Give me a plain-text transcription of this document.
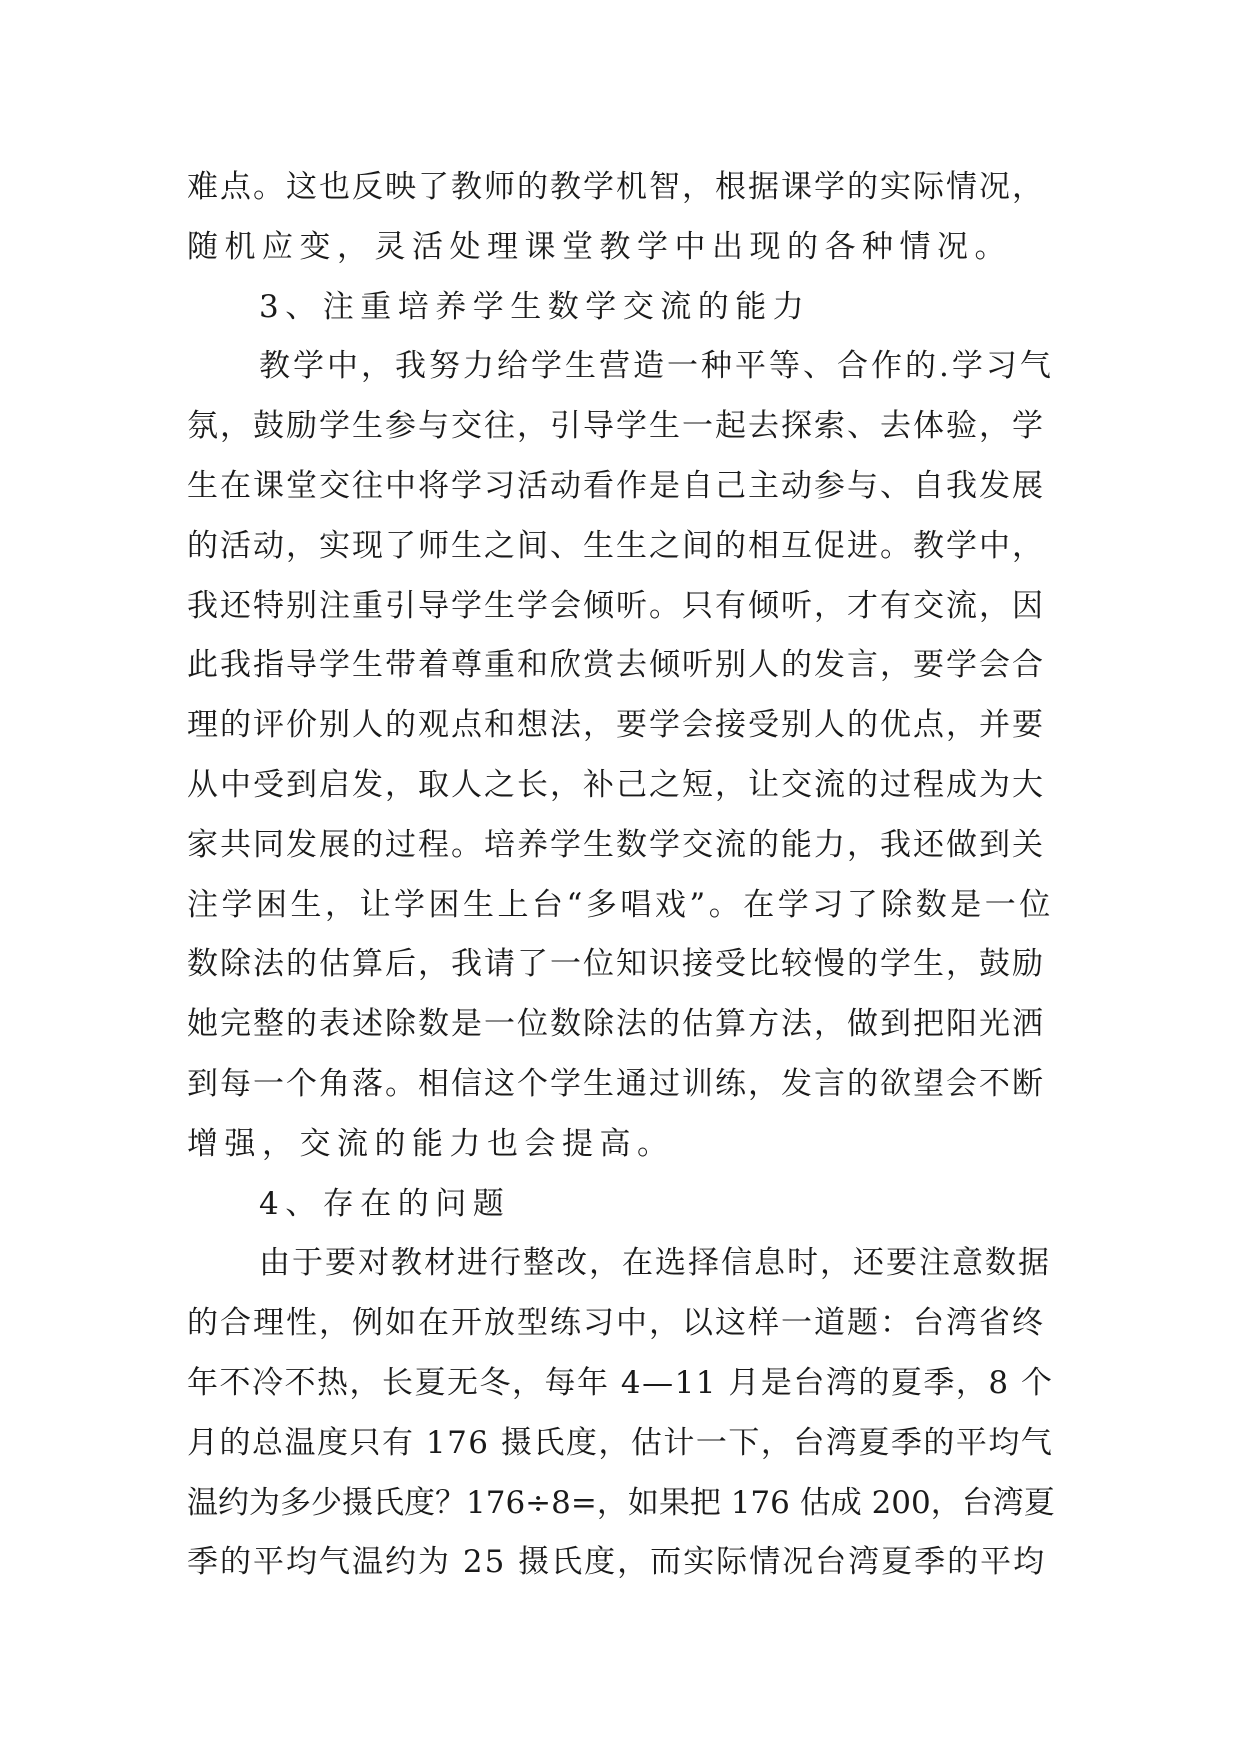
难点。这也反映了教师的教学机智，根据课学的实际情况，
随机应变，灵活处理课堂教学中出现的各种情况。
3、注重培养学生数学交流的能力
教学中，我努力给学生营造一种平等、合作的.学习气
氛，鼓励学生参与交往，引导学生一起去探索、去体验，学
生在课堂交往中将学习活动看作是自己主动参与、自我发展
的活动，实现了师生之间、生生之间的相互促进。教学中，
我还特别注重引导学生学会倾听。只有倾听，才有交流，因
此我指导学生带着尊重和欣赏去倾听别人的发言，要学会合
理的评价别人的观点和想法，要学会接受别人的优点，并要
从中受到启发，取人之长，补己之短，让交流的过程成为大
家共同发展的过程。培养学生数学交流的能力，我还做到关
注学困生，让学困生上台“多唱戏”。在学习了除数是一位
数除法的估算后，我请了一位知识接受比较慢的学生，鼓励
她完整的表述除数是一位数除法的估算方法，做到把阳光洒
到每一个角落。相信这个学生通过训练，发言的欲望会不断
增强，交流的能力也会提高。
4、存在的问题
由于要对教材进行整改，在选择信息时，还要注意数据
的合理性，例如在开放型练习中，以这样一道题：台湾省终
年不冷不热，长夏无冬，每年 4—11 月是台湾的夏季，8 个
月的总温度只有 176 摄氏度，估计一下，台湾夏季的平均气
温约为多少摄氏度？176÷8=，如果把 176 估成 200，台湾夏
季的平均气温约为 25 摄氏度，而实际情况台湾夏季的平均
